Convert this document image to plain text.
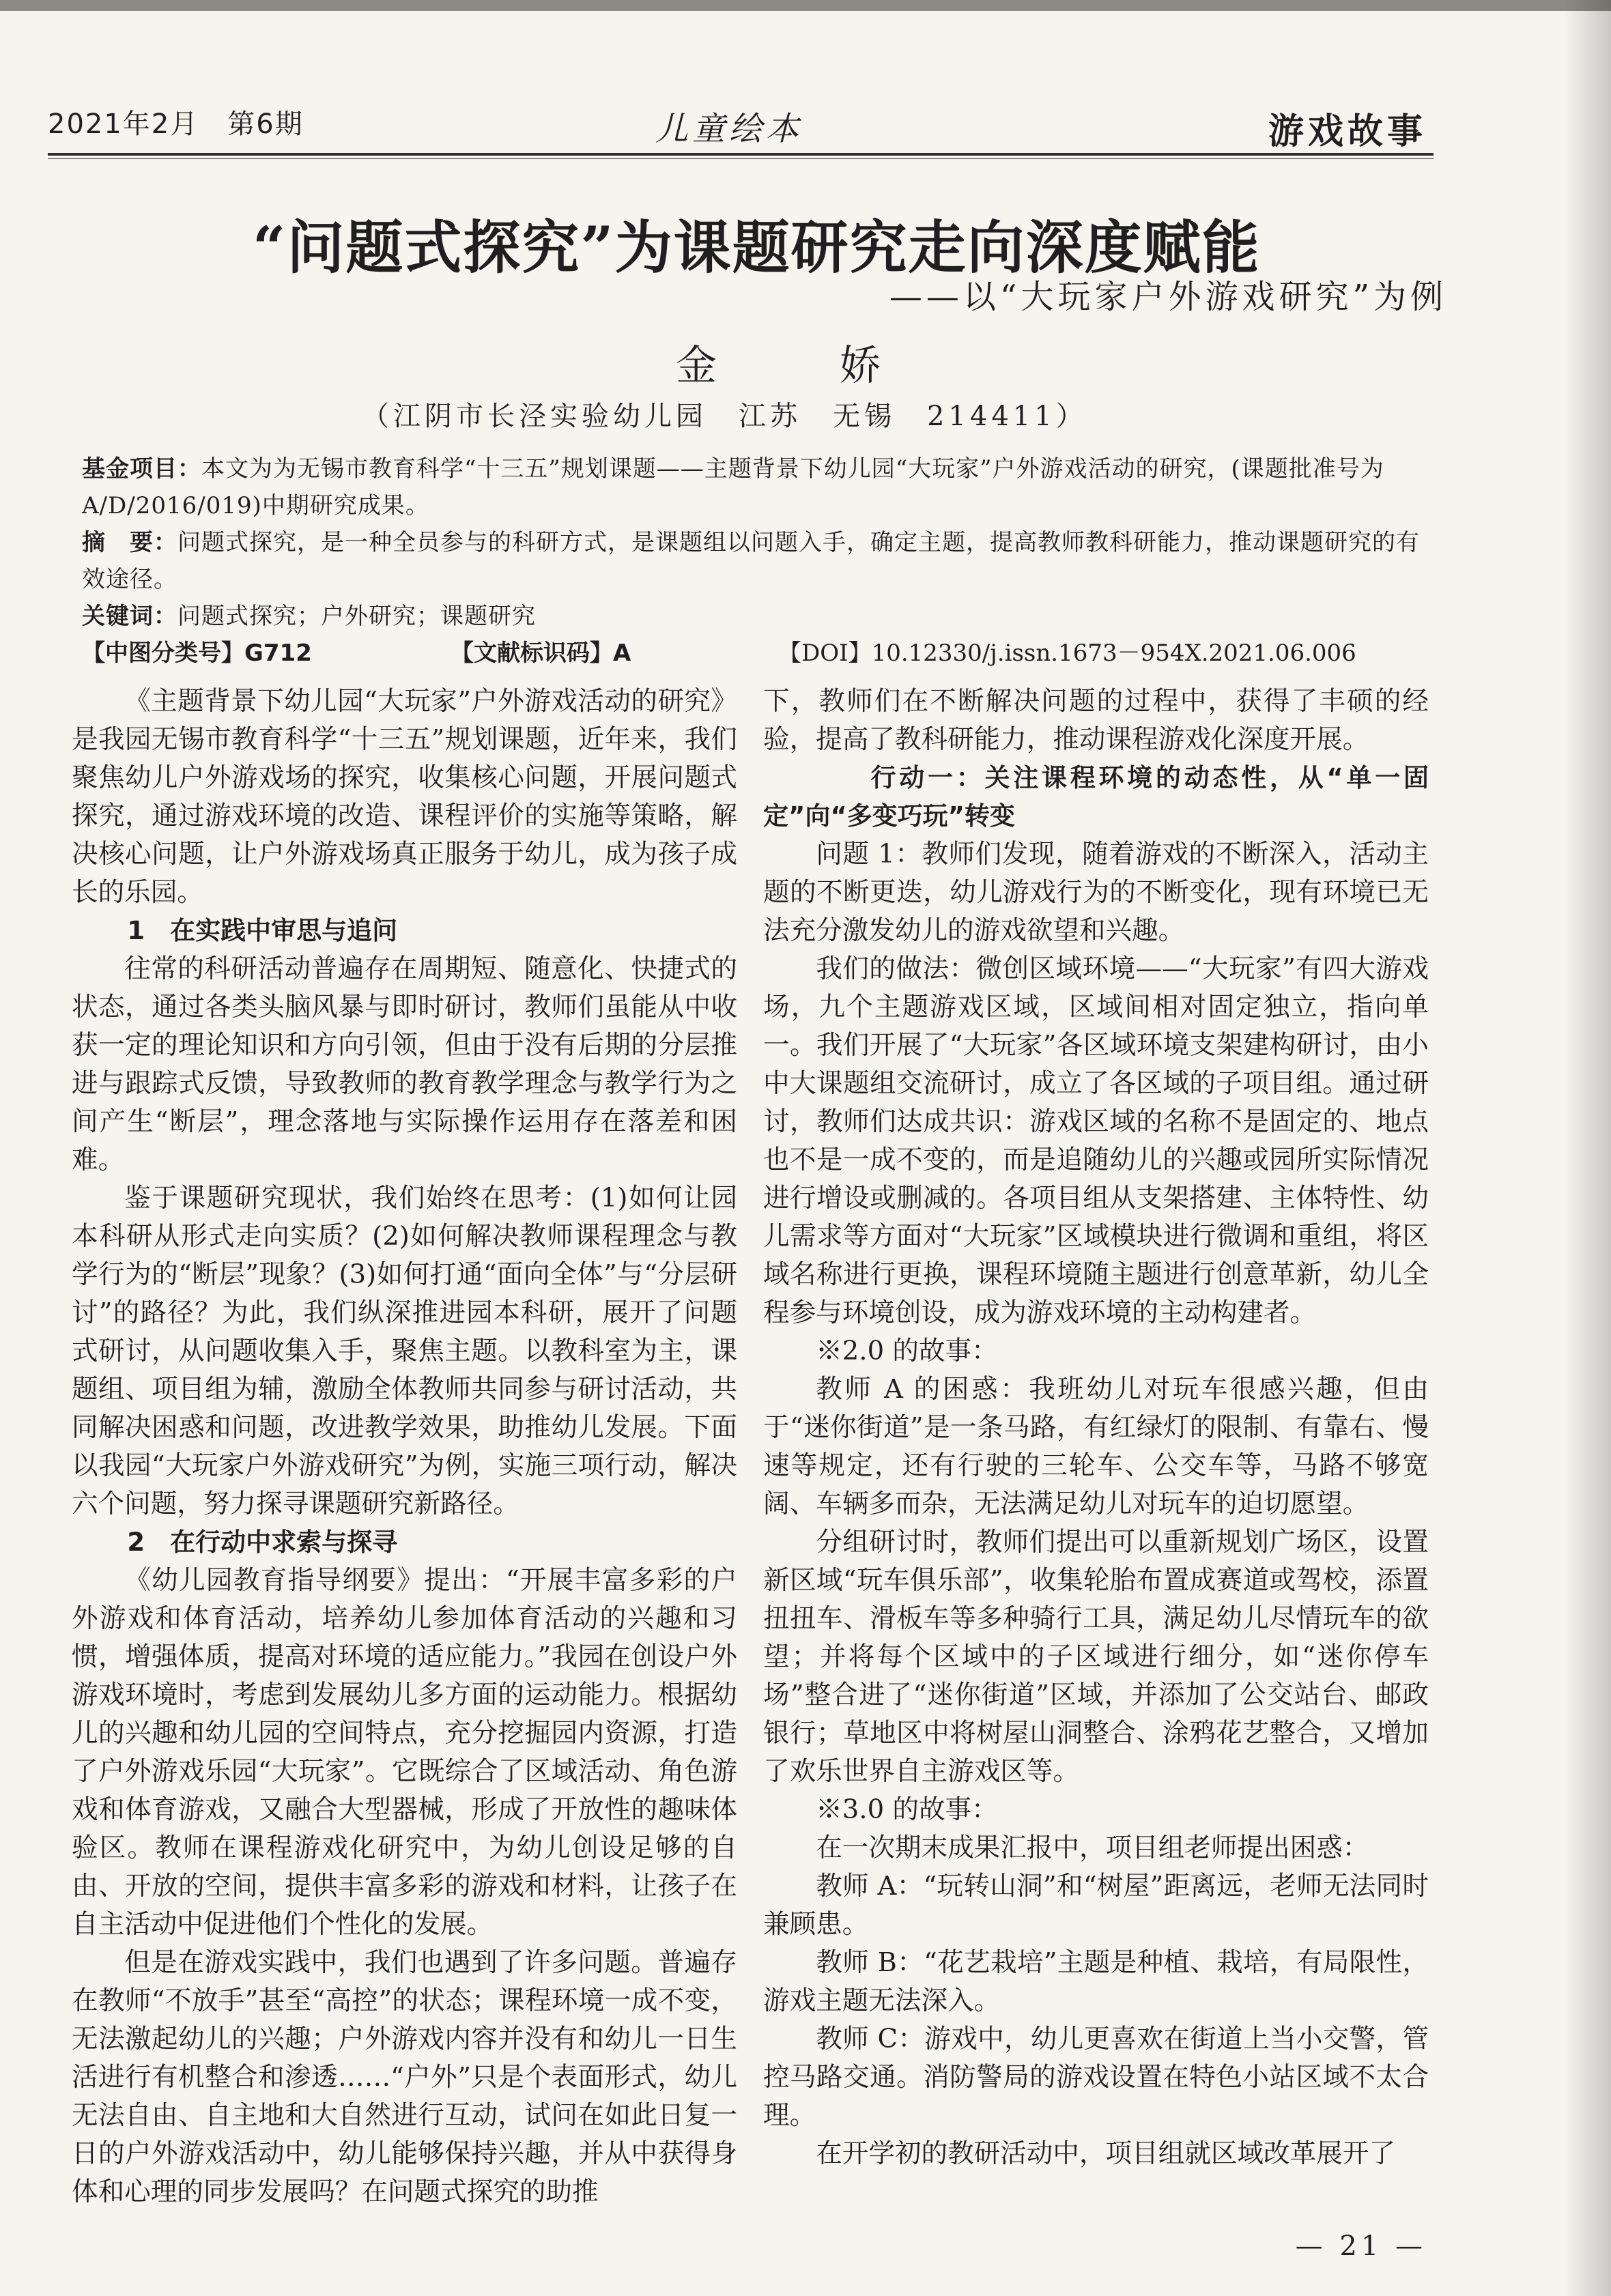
2021年2月　第6期	儿童绘本	游戏故事
“问题式探究”为课题研究走向深度赋能
——以“大玩家户外游戏研究”为例
金　娇
（江阴市长泾实验幼儿园　江苏　无锡　214411）
基金项目：本文为为无锡市教育科学“十三五”规划课题——主题背景下幼儿园“大玩家”户外游戏活动的研究，(课题批准号为 A/D/2016/019)中期研究成果。
摘　要：问题式探究，是一种全员参与的科研方式，是课题组以问题入手，确定主题，提高教师教科研能力，推动课题研究的有效途径。
关键词：问题式探究；户外研究；课题研究
【中图分类号】G712	【文献标识码】A	【DOI】10.12330/j.issn.1673－954X.2021.06.006

《主题背景下幼儿园“大玩家”户外游戏活动的研究》是我园无锡市教育科学“十三五”规划课题，近年来，我们聚焦幼儿户外游戏场的探究，收集核心问题，开展问题式探究，通过游戏环境的改造、课程评价的实施等策略，解决核心问题，让户外游戏场真正服务于幼儿，成为孩子成长的乐园。

1　在实践中审思与追问

往常的科研活动普遍存在周期短、随意化、快捷式的状态，通过各类头脑风暴与即时研讨，教师们虽能从中收获一定的理论知识和方向引领，但由于没有后期的分层推进与跟踪式反馈，导致教师的教育教学理念与教学行为之间产生“断层”，理念落地与实际操作运用存在落差和困难。

鉴于课题研究现状，我们始终在思考：(1)如何让园本科研从形式走向实质？(2)如何解决教师课程理念与教学行为的“断层”现象？(3)如何打通“面向全体”与“分层研讨”的路径？为此，我们纵深推进园本科研，展开了问题式研讨，从问题收集入手，聚焦主题。以教科室为主，课题组、项目组为辅，激励全体教师共同参与研讨活动，共同解决困惑和问题，改进教学效果，助推幼儿发展。下面以我园“大玩家户外游戏研究”为例，实施三项行动，解决六个问题，努力探寻课题研究新路径。

2　在行动中求索与探寻

《幼儿园教育指导纲要》提出：“开展丰富多彩的户外游戏和体育活动，培养幼儿参加体育活动的兴趣和习惯，增强体质，提高对环境的适应能力。”我园在创设户外游戏环境时，考虑到发展幼儿多方面的运动能力。根据幼儿的兴趣和幼儿园的空间特点，充分挖掘园内资源，打造了户外游戏乐园“大玩家”。它既综合了区域活动、角色游戏和体育游戏，又融合大型器械，形成了开放性的趣味体验区。教师在课程游戏化研究中，为幼儿创设足够的自由、开放的空间，提供丰富多彩的游戏和材料，让孩子在自主活动中促进他们个性化的发展。

但是在游戏实践中，我们也遇到了许多问题。普遍存在教师“不放手”甚至“高控”的状态；课程环境一成不变，无法激起幼儿的兴趣；户外游戏内容并没有和幼儿一日生活进行有机整合和渗透……“户外”只是个表面形式，幼儿无法自由、自主地和大自然进行互动，试问在如此日复一日的户外游戏活动中，幼儿能够保持兴趣，并从中获得身体和心理的同步发展吗？在问题式探究的助推

下，教师们在不断解决问题的过程中，获得了丰硕的经验，提高了教科研能力，推动课程游戏化深度开展。

　　行动一：关注课程环境的动态性，从“单一固定”向“多变巧玩”转变

问题 1：教师们发现，随着游戏的不断深入，活动主题的不断更迭，幼儿游戏行为的不断变化，现有环境已无法充分激发幼儿的游戏欲望和兴趣。

我们的做法：微创区域环境——“大玩家”有四大游戏场，九个主题游戏区域，区域间相对固定独立，指向单一。我们开展了“大玩家”各区域环境支架建构研讨，由小中大课题组交流研讨，成立了各区域的子项目组。通过研讨，教师们达成共识：游戏区域的名称不是固定的、地点也不是一成不变的，而是追随幼儿的兴趣或园所实际情况进行增设或删减的。各项目组从支架搭建、主体特性、幼儿需求等方面对“大玩家”区域模块进行微调和重组，将区域名称进行更换，课程环境随主题进行创意革新，幼儿全程参与环境创设，成为游戏环境的主动构建者。

※2.0 的故事：

教师 A 的困惑：我班幼儿对玩车很感兴趣，但由于“迷你街道”是一条马路，有红绿灯的限制、有靠右、慢速等规定，还有行驶的三轮车、公交车等，马路不够宽阔、车辆多而杂，无法满足幼儿对玩车的迫切愿望。

分组研讨时，教师们提出可以重新规划广场区，设置新区域“玩车俱乐部”，收集轮胎布置成赛道或驾校，添置扭扭车、滑板车等多种骑行工具，满足幼儿尽情玩车的欲望；并将每个区域中的子区域进行细分，如“迷你停车场”整合进了“迷你街道”区域，并添加了公交站台、邮政银行；草地区中将树屋山洞整合、涂鸦花艺整合，又增加了欢乐世界自主游戏区等。

※3.0 的故事：

在一次期末成果汇报中，项目组老师提出困惑：

教师 A：“玩转山洞”和“树屋”距离远，老师无法同时兼顾患。

教师 B：“花艺栽培”主题是种植、栽培，有局限性，游戏主题无法深入。

教师 C：游戏中，幼儿更喜欢在街道上当小交警，管控马路交通。消防警局的游戏设置在特色小站区域不太合理。

在开学初的教研活动中，项目组就区域改革展开了

— 21 —
